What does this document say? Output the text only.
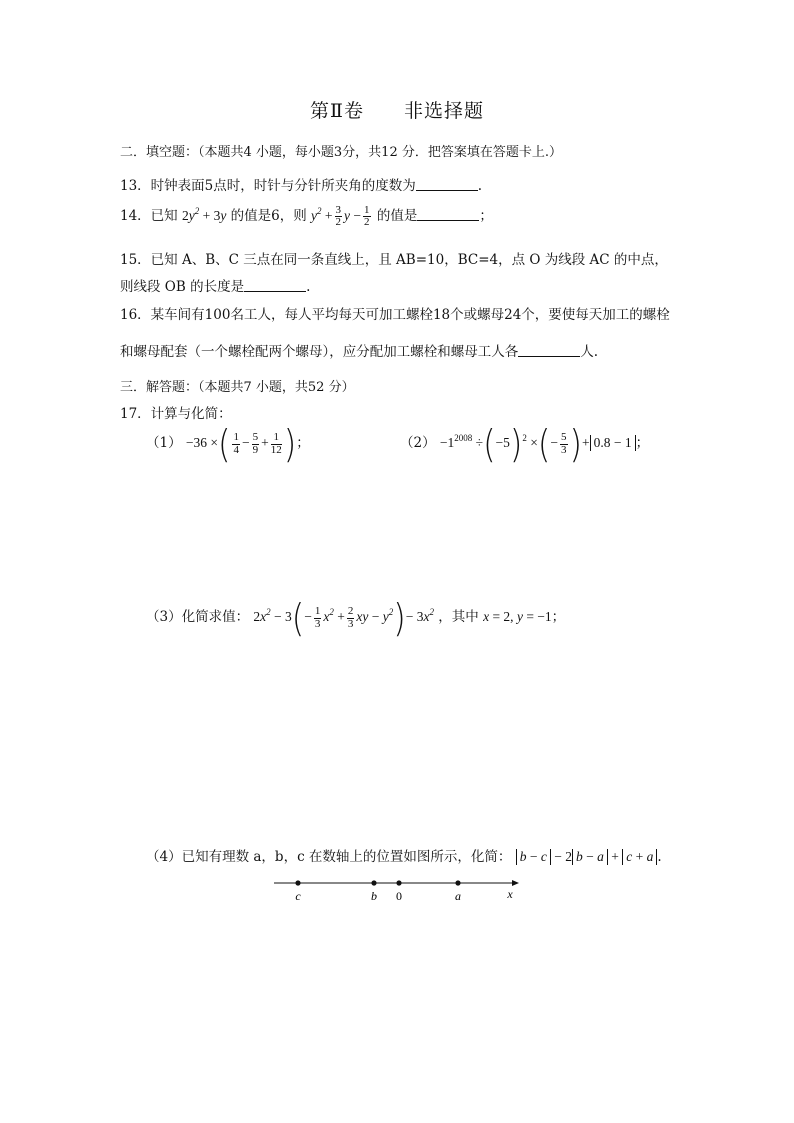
第Ⅱ卷　　非选择题
二．填空题：（本题共4 小题，每小题3分，共12 分．把答案填在答题卡上.）
13．时钟表面5点时，时针与分针所夹角的度数为	.
14．已知 $2y^2 + 3y$ 的值是6，则 $y^2 + \frac{3}{2}$ $y - \frac{1}{2}$ 的值是	；
15．已知 A、B、C 三点在同一条直线上，且 AB=10，BC=4，点 O 为线段 AC 的中点，
则线段 OB 的长度是	.
16．某车间有100名工人，每人平均每天可加工螺栓18个或螺母24个，要使每天加工的螺栓
和螺母配套（一个螺栓配两个螺母），应分配加工螺栓和螺母工人各	人.
三．解答题：（本题共7 小题，共52 分）
17．计算与化简：
（1） −36 ×( $\frac{1}{4} - \frac{5}{9} + \frac{1}{12}$ )；	$(2) -1^{2008} \div(-5)^2$ ×(− $\frac{5}{3}$ )+ 0.8 − 1 ；
（3）化简求值： $2x^2 - 3(- \frac{1}{3} x^2 + \frac{2}{3}$ xy − $y^2)- 3x^2$ ，其中 x = 2, y = −1；
（4）已知有理数 a，b，c 在数轴上的位置如图所示，化简： b − c − 2 b − a + c + a .
c	b 0	a	x
